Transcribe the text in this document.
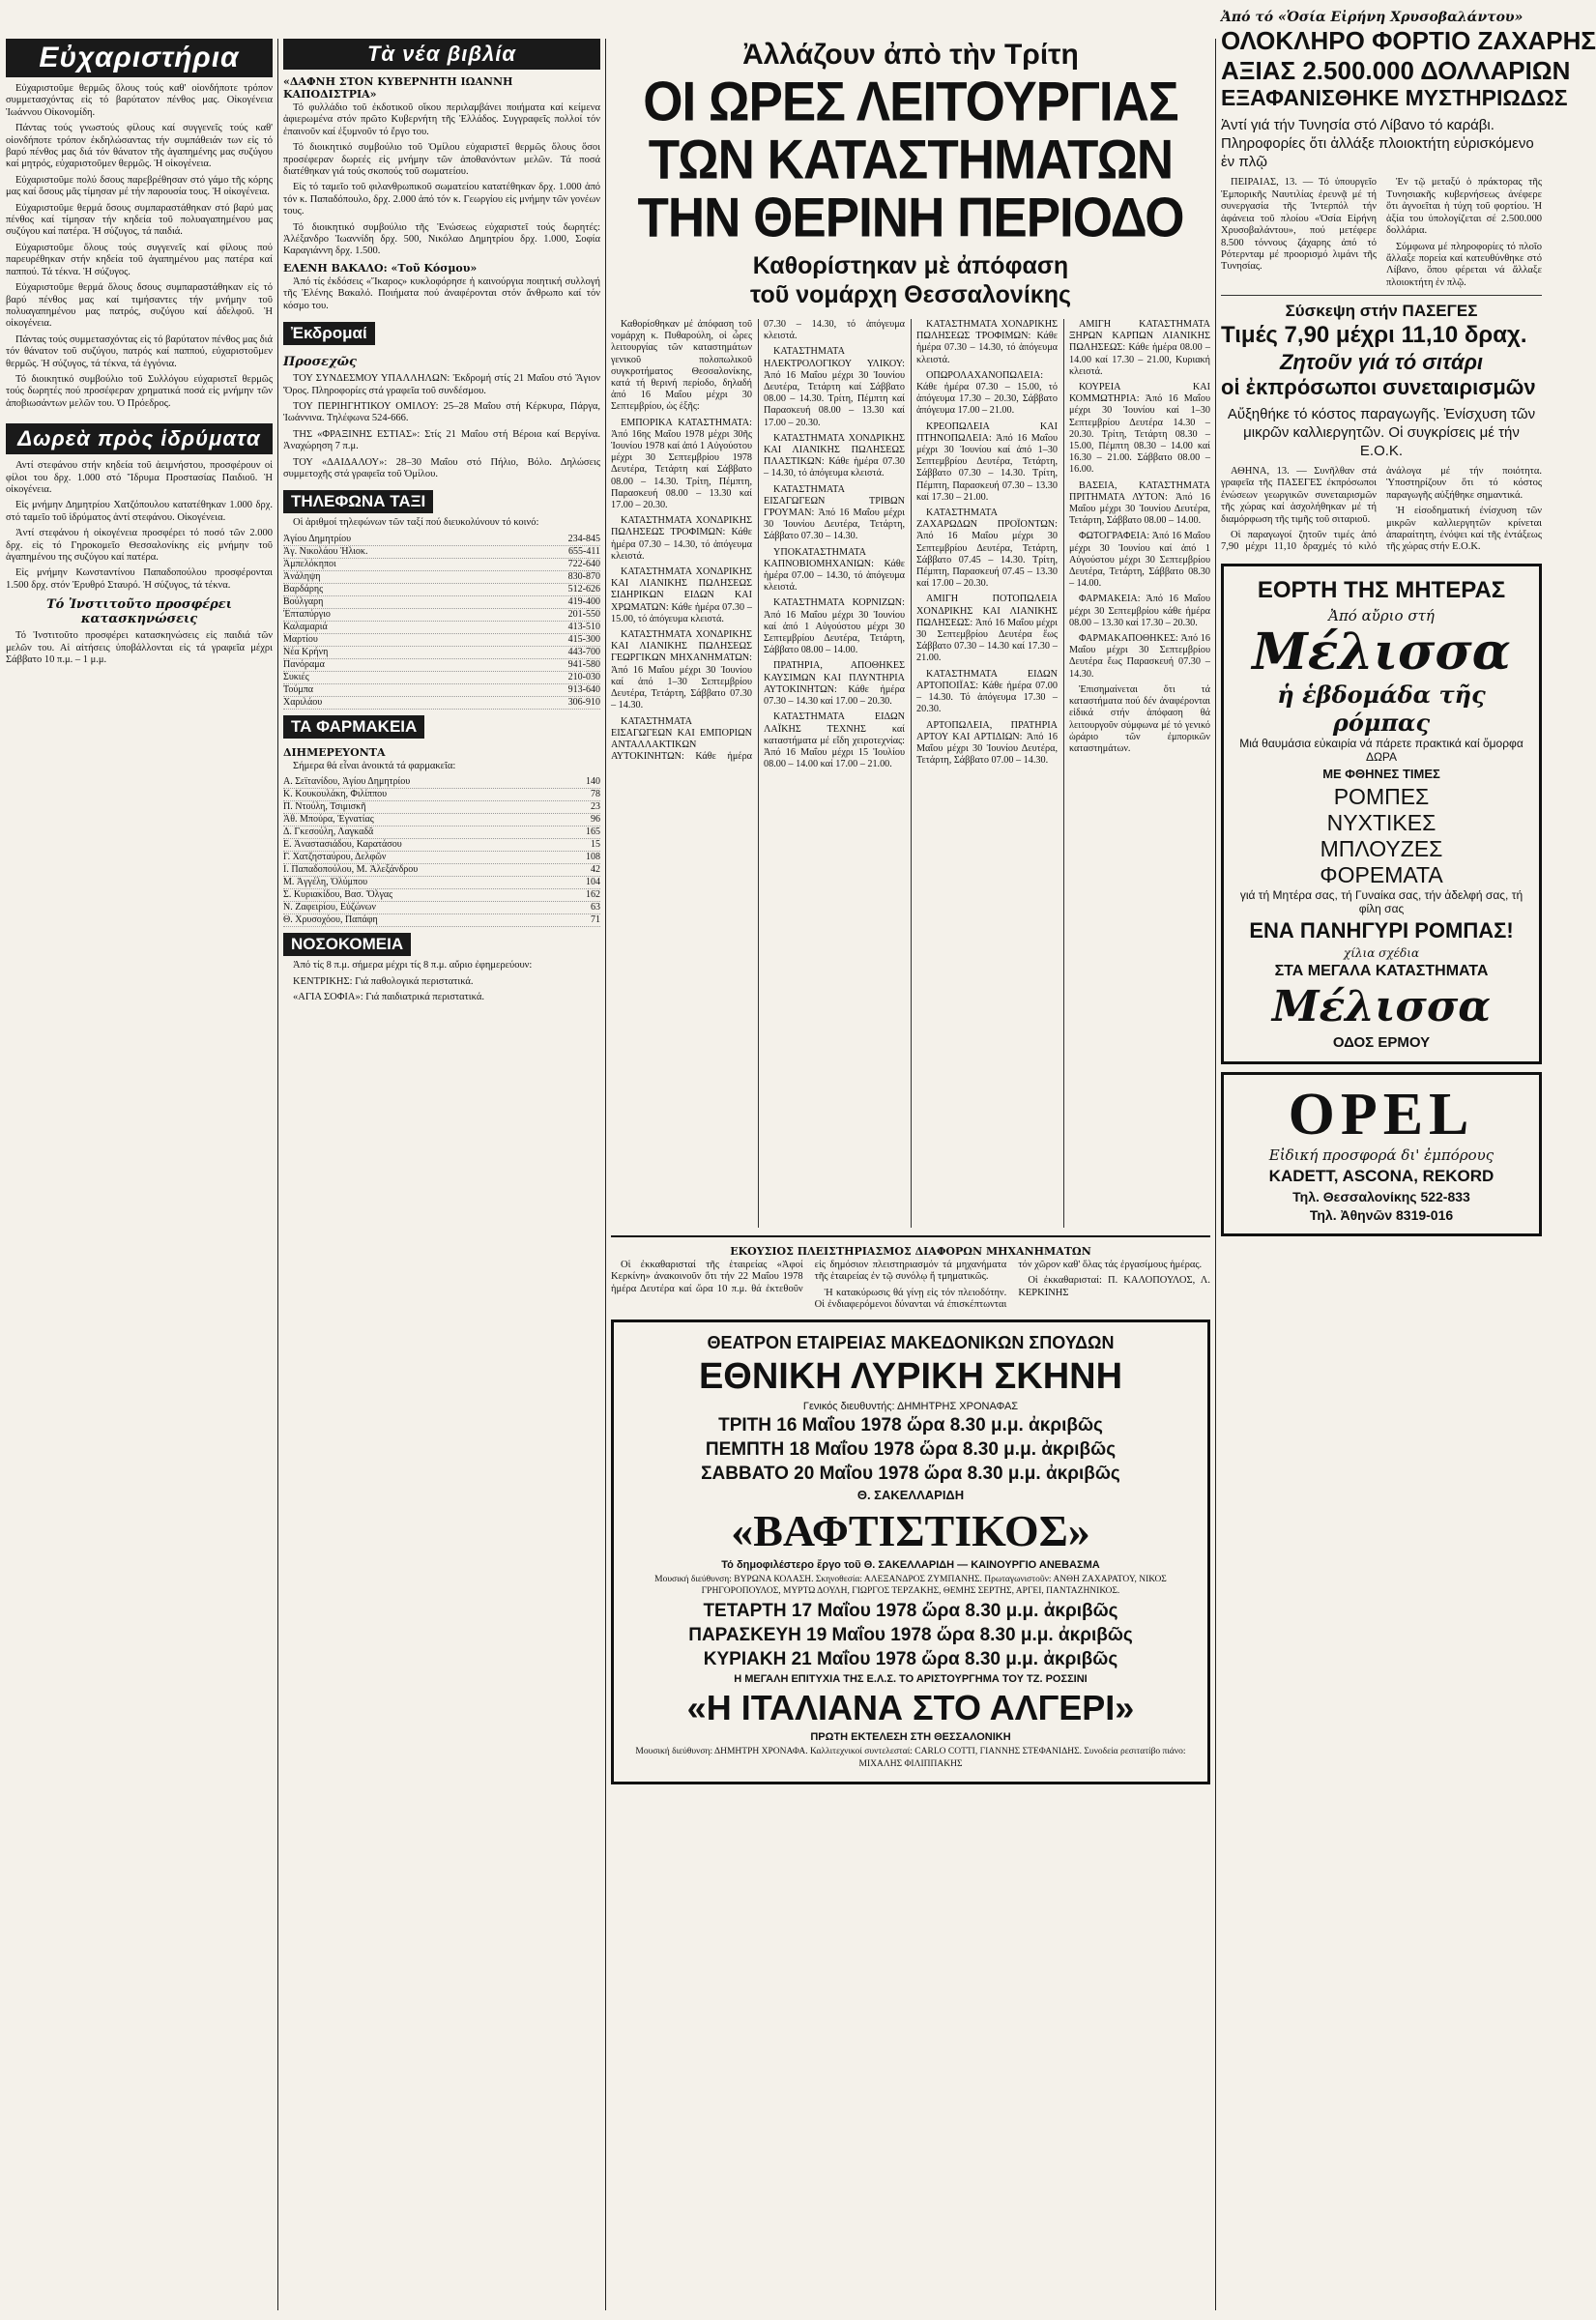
Εὐχαριστήρια

Εὐχαριστοῦμε θερμῶς ὅλους τούς καθ' οἱονδήποτε τρόπον συμμετασχόντας εἰς τό βαρύτατον πένθος μας. Οἰκογένεια Ἰωάννου Οἰκονομίδη.

Πάντας τούς γνωστούς φίλους καί συγγενεῖς τούς καθ' οἱονδήποτε τρόπον ἐκδηλώσαντας τήν συμπάθειάν των εἰς τό βαρύ πένθος μας διά τόν θάνατον τῆς ἀγαπημένης μας συζύγου καί μητρός, εὐχαριστοῦμεν θερμῶς. Ἡ οἰκογένεια.

Εὐχαριστοῦμε πολύ δσους παρεβρέθησαν στό γάμο τῆς κόρης μας καί ὅσους μᾶς τίμησαν μέ τήν παρουσία τους. Ἡ οἰκογένεια.

Εὐχαριστοῦμε θερμά ὅσους συμπαραστάθηκαν στό βαρύ μας πένθος καί τίμησαν τήν κηδεία τοῦ πολυαγαπημένου μας συζύγου καί πατέρα. Ἡ σύζυγος, τά παιδιά.

Εὐχαριστοῦμε ὅλους τούς συγγενεῖς καί φίλους πού παρευρέθηκαν στήν κηδεία τοῦ ἀγαπημένου μας πατέρα καί παππού. Τά τέκνα. Ἡ σύζυγος.

Εὐχαριστοῦμε θερμά ὅλους δσους συμπαραστάθηκαν εἰς τό βαρύ πένθος μας καί τιμήσαντες τήν μνήμην τοῦ πολυαγαπημένου μας πατρός, συζύγου καί ἀδελφοῦ. Ἡ οἰκογένεια.

Πάντας τούς συμμετασχόντας εἰς τό βαρύτατον πένθος μας διά τόν θάνατον τοῦ συζύγου, πατρός καί παππού, εὐχαριστοῦμεν θερμῶς. Ἡ σύζυγος, τά τέκνα, τά ἐγγόνια.

Τό διοικητικό συμβούλιο τοῦ Συλλόγου εὐχαριστεῖ θερμῶς τούς δωρητές πού προσέφεραν χρηματικά ποσά εἰς μνήμην τῶν ἀποβιωσάντων μελῶν του. Ὁ Πρόεδρος.

Δωρεὰ πρὸς ἱδρύματα

Αντί στεφάνου στήν κηδεία τοῦ ἀειμνήστου, προσφέρουν οἱ φίλοι του δρχ. 1.000 στό Ἵδρυμα Προστασίας Παιδιοῦ. Ἡ οἰκογένεια.

Εἰς μνήμην Δημητρίου Χατζόπουλου κατατέθηκαν 1.000 δρχ. στό ταμεῖο τοῦ ἱδρύματος ἀντί στεφάνου. Οἰκογένεια.

Ἀντί στεφάνου ἡ οἰκογένεια προσφέρει τό ποσό τῶν 2.000 δρχ. εἰς τό Γηροκομεῖο Θεσσαλονίκης εἰς μνήμην τοῦ ἀγαπημένου της συζύγου καί πατέρα.

Εἰς μνήμην Κωνσταντίνου Παπαδοπούλου προσφέρονται 1.500 δρχ. στόν Ἐρυθρό Σταυρό. Ἡ σύζυγος, τά τέκνα.

Τό Ἰνστιτοῦτο προσφέρει κατασκηνώσεις

Τό Ἰνστιτοῦτο προσφέρει κατασκηνώσεις εἰς παιδιά τῶν μελῶν του. Αἱ αἰτήσεις ὑποβάλλονται εἰς τά γραφεῖα μέχρι Σάββατο 10 π.μ. – 1 μ.μ.

Τὰ νέα βιβλία
«ΔΑΦΝΗ ΣΤΟΝ ΚΥΒΕΡΝΗΤΗ ΙΩΑΝΝΗ ΚΑΠΟΔΙΣΤΡΙΑ»

Τό φυλλάδιο τοῦ ἐκδοτικοῦ οἴκου περιλαμβάνει ποιήματα καί κείμενα ἀφιερωμένα στόν πρῶτο Κυβερνήτη τῆς Ἑλλάδος. Συγγραφεῖς πολλοί τόν ἐπαινοῦν καί ἐξυμνοῦν τό ἔργο του.

Τό διοικητικό συμβούλιο τοῦ Ὁμίλου εὐχαριστεῖ θερμῶς ὅλους ὅσοι προσέφεραν δωρεές εἰς μνήμην τῶν ἀποθανόντων μελῶν. Τά ποσά διατέθηκαν γιά τούς σκοπούς τοῦ σωματείου.

Εἰς τό ταμεῖο τοῦ φιλανθρωπικοῦ σωματείου κατατέθηκαν δρχ. 1.000 ἀπό τόν κ. Παπαδόπουλο, δρχ. 2.000 ἀπό τόν κ. Γεωργίου εἰς μνήμην τῶν γονέων τους.

Τό διοικητικό συμβούλιο τῆς Ἑνώσεως εὐχαριστεῖ τούς δωρητές: Ἀλέξανδρο Ἰωαννίδη δρχ. 500, Νικόλαο Δημητρίου δρχ. 1.000, Σοφία Καραγιάννη δρχ. 1.500.

ΕΛΕΝΗ ΒΑΚΑΛΟ: «Τοῦ Κόσμου»

Ἀπό τίς ἐκδόσεις «Ἴκαρος» κυκλοφόρησε ἡ καινούργια ποιητική συλλογή τῆς Ἑλένης Βακαλό. Ποιήματα πού ἀναφέρονται στόν ἄνθρωπο καί τόν κόσμο του.

Ἐκδρομαί
Προσεχῶς

ΤΟΥ ΣΥΝΔΕΣΜΟΥ ΥΠΑΛΛΗΛΩΝ: Ἐκδρομή στίς 21 Μαΐου στό Ἅγιον Ὄρος. Πληροφορίες στά γραφεῖα τοῦ συνδέσμου.

ΤΟΥ ΠΕΡΙΗΓΗΤΙΚΟΥ ΟΜΙΛΟΥ: 25–28 Μαΐου στή Κέρκυρα, Πάργα, Ἰωάννινα. Τηλέφωνα 524-666.

ΤΗΣ «ΦΡΑΞΙΝΗΣ ΕΣΤΙΑΣ»: Στίς 21 Μαΐου στή Βέροια καί Βεργίνα. Ἀναχώρηση 7 π.μ.

ΤΟΥ «ΔΑΙΔΑΛΟΥ»: 28–30 Μαΐου στό Πήλιο, Βόλο. Δηλώσεις συμμετοχῆς στά γραφεῖα τοῦ Ὁμίλου.

ΤΗΛΕΦΩΝΑ ΤΑΞΙ

Οἱ ἀριθμοί τηλεφώνων τῶν ταξί πού διευκολύνουν τό κοινό:

Ἀγίου Δημητρίου	234-845
Ἀγ. Νικολάου Ἡλιοκ.	655-411
Ἀμπελόκηποι	722-640
Ἀνάληψη	830-870
Βαρδάρης	512-626
Βούλγαρη	419-400
Ἐπταπύργιο	201-550
Καλαμαριά	413-510
Μαρτίου	415-300
Νέα Κρήνη	443-700
Πανόραμα	941-580
Συκιές	210-030
Τούμπα	913-640
Χαριλάου	306-910
ΤΑ ΦΑΡΜΑΚΕΙΑ
ΔΙΗΜΕΡΕΥΟΝΤΑ

Σήμερα θά εἶναι ἀνοικτά τά φαρμακεῖα:

Α. Σεϊτανίδου, Ἁγίου Δημητρίου	140
Κ. Κουκουλάκη, Φιλίππου	78
Π. Ντούλη, Τσιμισκῆ	23
Ἀθ. Μπούρα, Ἐγνατίας	96
Δ. Γκεσούλη, Λαγκαδᾶ	165
Ε. Ἀναστασιάδου, Καρατάσου	15
Γ. Χατζησταύρου, Δελφῶν	108
Ι. Παπαδοπούλου, Μ. Ἀλεξάνδρου	42
Μ. Ἀγγέλη, Ὀλύμπου	104
Σ. Κυριακίδου, Βασ. Ὄλγας	162
Ν. Ζαφειρίου, Εὐζώνων	63
Θ. Χρυσοχόου, Παπάφη	71
ΝΟΣΟΚΟΜΕΙΑ

Ἀπό τίς 8 π.μ. σήμερα μέχρι τίς 8 π.μ. αὔριο ἐφημερεύουν:

ΚΕΝΤΡΙΚΗΣ: Γιά παθολογικά περιστατικά.

«ΑΓΙΑ ΣΟΦΙΑ»: Γιά παιδιατρικά περιστατικά.

Ἀλλάζουν ἀπὸ τὴν Τρίτη
ΟΙ ΩΡΕΣ ΛΕΙΤΟΥΡΓΙΑΣ
ΤΩΝ ΚΑΤΑΣΤΗΜΑΤΩΝ
ΤΗΝ ΘΕΡΙΝΗ ΠΕΡΙΟΔΟ
Καθορίστηκαν μὲ ἀπόφαση
τοῦ νομάρχη Θεσσαλονίκης

Καθορίσθηκαν μέ ἀπόφαση τοῦ νομάρχη κ. Πυθαρούλη, οἱ ὧρες λειτουργίας τῶν καταστημάτων γενικοῦ πολοπωλικοῦ συγκροτήματος Θεσσαλονίκης, κατά τή θερινή περίοδο, δηλαδή ἀπό 16 Μαΐου μέχρι 30 Σεπτεμβρίου, ὡς ἑξῆς:

ΕΜΠΟΡΙΚΑ ΚΑΤΑΣΤΗΜΑΤΑ: Ἀπό 16ης Μαΐου 1978 μέχρι 30ῆς Ἰουνίου 1978 καί ἀπό 1 Αὐγούστου μέχρι 30 Σεπτεμβρίου 1978 Δευτέρα, Τετάρτη καί Σάββατο 08.00 – 14.30. Τρίτη, Πέμπτη, Παρασκευή 08.00 – 13.30 καί 17.00 – 20.30.

ΚΑΤΑΣΤΗΜΑΤΑ ΧΟΝΔΡΙΚΗΣ ΠΩΛΗΣΕΩΣ ΤΡΟΦΙΜΩΝ: Κάθε ἡμέρα 07.30 – 14.30, τό ἀπόγευμα κλειστά.

ΚΑΤΑΣΤΗΜΑΤΑ ΧΟΝΔΡΙΚΗΣ ΚΑΙ ΛΙΑΝΙΚΗΣ ΠΩΛΗΣΕΩΣ ΣΙΔΗΡΙΚΩΝ ΕΙΔΩΝ ΚΑΙ ΧΡΩΜΑΤΩΝ: Κάθε ἡμέρα 07.30 – 15.00, τό ἀπόγευμα κλειστά.

ΚΑΤΑΣΤΗΜΑΤΑ ΧΟΝΔΡΙΚΗΣ ΚΑΙ ΛΙΑΝΙΚΗΣ ΠΩΛΗΣΕΩΣ ΓΕΩΡΓΙΚΩΝ ΜΗΧΑΝΗΜΑΤΩΝ: Ἀπό 16 Μαΐου μέχρι 30 Ἰουνίου καί ἀπό 1–30 Σεπτεμβρίου Δευτέρα, Τετάρτη, Σάββατο 07.30 – 14.30.

ΚΑΤΑΣΤΗΜΑΤΑ ΕΙΣΑΓΩΓΕΩΝ ΚΑΙ ΕΜΠΟΡΙΩΝ ΑΝΤΑΛΛΑΚΤΙΚΩΝ ΑΥΤΟΚΙΝΗΤΩΝ: Κάθε ἡμέρα 07.30 – 14.30, τό ἀπόγευμα κλειστά.

ΚΑΤΑΣΤΗΜΑΤΑ ΗΛΕΚΤΡΟΛΟΓΙΚΟΥ ΥΛΙΚΟΥ: Ἀπό 16 Μαΐου μέχρι 30 Ἰουνίου Δευτέρα, Τετάρτη καί Σάββατο 08.00 – 14.30. Τρίτη, Πέμπτη καί Παρασκευή 08.00 – 13.30 καί 17.00 – 20.30.

ΚΑΤΑΣΤΗΜΑΤΑ ΧΟΝΔΡΙΚΗΣ ΚΑΙ ΛΙΑΝΙΚΗΣ ΠΩΛΗΣΕΩΣ ΠΛΑΣΤΙΚΩΝ: Κάθε ἡμέρα 07.30 – 14.30, τό ἀπόγευμα κλειστά.

ΚΑΤΑΣΤΗΜΑΤΑ ΕΙΣΑΓΩΓΕΩΝ ΤΡΙΒΩΝ ΓΡΟΥΜΑΝ: Ἀπό 16 Μαΐου μέχρι 30 Ἰουνίου Δευτέρα, Τετάρτη, Σάββατο 07.30 – 14.30.

ΥΠΟΚΑΤΑΣΤΗΜΑΤΑ ΚΑΠΝΟΒΙΟΜΗΧΑΝΙΩΝ: Κάθε ἡμέρα 07.00 – 14.30, τό ἀπόγευμα κλειστά.

ΚΑΤΑΣΤΗΜΑΤΑ ΚΟΡΝΙΖΩΝ: Ἀπό 16 Μαΐου μέχρι 30 Ἰουνίου καί ἀπό 1 Αὐγούστου μέχρι 30 Σεπτεμβρίου Δευτέρα, Τετάρτη, Σάββατο 08.00 – 14.00.

ΠΡΑΤΗΡΙΑ, ΑΠΟΘΗΚΕΣ ΚΑΥΣΙΜΩΝ ΚΑΙ ΠΛΥΝΤΗΡΙΑ ΑΥΤΟΚΙΝΗΤΩΝ: Κάθε ἡμέρα 07.30 – 14.30 καί 17.00 – 20.30.

ΚΑΤΑΣΤΗΜΑΤΑ ΕΙΔΩΝ ΛΑΪΚΗΣ ΤΕΧΝΗΣ καί καταστήματα μέ εἴδη χειροτεχνίας: Ἀπό 16 Μαΐου μέχρι 15 Ἰουλίου 08.00 – 14.00 καί 17.00 – 21.00.

ΚΑΤΑΣΤΗΜΑΤΑ ΧΟΝΔΡΙΚΗΣ ΠΩΛΗΣΕΩΣ ΤΡΟΦΙΜΩΝ: Κάθε ἡμέρα 07.30 – 14.30, τό ἀπόγευμα κλειστά.

ΟΠΩΡΟΛΑΧΑΝΟΠΩΛΕΙΑ: Κάθε ἡμέρα 07.30 – 15.00, τό ἀπόγευμα 17.30 – 20.30, Σάββατο ἀπόγευμα 17.00 – 21.00.

ΚΡΕΟΠΩΛΕΙΑ ΚΑΙ ΠΤΗΝΟΠΩΛΕΙΑ: Ἀπό 16 Μαΐου μέχρι 30 Ἰουνίου καί ἀπό 1–30 Σεπτεμβρίου Δευτέρα, Τετάρτη, Σάββατο 07.30 – 14.30. Τρίτη, Πέμπτη, Παρασκευή 07.30 – 13.30 καί 17.30 – 21.00.

ΚΑΤΑΣΤΗΜΑΤΑ ΖΑΧΑΡΩΔΩΝ ΠΡΟΪΟΝΤΩΝ: Ἀπό 16 Μαΐου μέχρι 30 Σεπτεμβρίου Δευτέρα, Τετάρτη, Σάββατο 07.45 – 14.30. Τρίτη, Πέμπτη, Παρασκευή 07.45 – 13.30 καί 17.00 – 20.30.

ΑΜΙΓΗ ΠΟΤΟΠΩΛΕΙΑ ΧΟΝΔΡΙΚΗΣ ΚΑΙ ΛΙΑΝΙΚΗΣ ΠΩΛΗΣΕΩΣ: Ἀπό 16 Μαΐου μέχρι 30 Σεπτεμβρίου Δευτέρα ἕως Σάββατο 07.30 – 14.30 καί 17.30 – 21.00.

ΚΑΤΑΣΤΗΜΑΤΑ ΕΙΔΩΝ ΑΡΤΟΠΟΙΪΑΣ: Κάθε ἡμέρα 07.00 – 14.30. Τό ἀπόγευμα 17.30 – 20.30.

ΑΡΤΟΠΩΛΕΙΑ, ΠΡΑΤΗΡΙΑ ΑΡΤΟΥ ΚΑΙ ΑΡΤΙΔΙΩΝ: Ἀπό 16 Μαΐου μέχρι 30 Ἰουνίου Δευτέρα, Τετάρτη, Σάββατο 07.00 – 14.30.

ΑΜΙΓΗ ΚΑΤΑΣΤΗΜΑΤΑ ΞΗΡΩΝ ΚΑΡΠΩΝ ΛΙΑΝΙΚΗΣ ΠΩΛΗΣΕΩΣ: Κάθε ἡμέρα 08.00 – 14.00 καί 17.30 – 21.00, Κυριακή κλειστά.

ΚΟΥΡΕΙΑ ΚΑΙ ΚΟΜΜΩΤΗΡΙΑ: Ἀπό 16 Μαΐου μέχρι 30 Ἰουνίου καί 1–30 Σεπτεμβρίου Δευτέρα 14.30 – 20.30. Τρίτη, Τετάρτη 08.30 – 15.00, Πέμπτη 08.30 – 14.00 καί 16.30 – 21.00. Σάββατο 08.00 – 16.00.

ΒΑΣΕΙΑ, ΚΑΤΑΣΤΗΜΑΤΑ ΠΡΙΤΗΜΑΤΑ ΛΥΤΟΝ: Ἀπό 16 Μαΐου μέχρι 30 Ἰουνίου Δευτέρα, Τετάρτη, Σάββατο 08.00 – 14.00.

ΦΩΤΟΓΡΑΦΕΙΑ: Ἀπό 16 Μαΐου μέχρι 30 Ἰουνίου καί ἀπό 1 Αὐγούστου μέχρι 30 Σεπτεμβρίου Δευτέρα, Τετάρτη, Σάββατο 08.30 – 14.00.

ΦΑΡΜΑΚΕΙΑ: Ἀπό 16 Μαΐου μέχρι 30 Σεπτεμβρίου κάθε ἡμέρα 08.00 – 13.30 καί 17.30 – 20.30.

ΦΑΡΜΑΚΑΠΟΘΗΚΕΣ: Ἀπό 16 Μαΐου μέχρι 30 Σεπτεμβρίου Δευτέρα ἕως Παρασκευή 07.30 – 14.30.

Ἐπισημαίνεται ὅτι τά καταστήματα πού δέν ἀναφέρονται εἰδικά στήν ἀπόφαση θά λειτουργοῦν σύμφωνα μέ τό γενικό ὡράριο τῶν ἐμπορικῶν καταστημάτων.

ΕΚΟΥΣΙΟΣ ΠΛΕΙΣΤΗΡΙΑΣΜΟΣ ΔΙΑΦΟΡΩΝ ΜΗΧΑΝΗΜΑΤΩΝ

Οἱ ἐκκαθαρισταί τῆς ἑταιρείας «Ἀφοί Κερκίνη» ἀνακοινοῦν ὅτι τήν 22 Μαΐου 1978 ἡμέρα Δευτέρα καί ὥρα 10 π.μ. θά ἐκτεθοῦν εἰς δημόσιον πλειστηριασμόν τά μηχανήματα τῆς ἑταιρείας ἐν τῷ συνόλῳ ἤ τμηματικῶς.

Ἡ κατακύρωσις θά γίνῃ εἰς τόν πλειοδότην. Οἱ ἐνδιαφερόμενοι δύνανται νά ἐπισκέπτωνται τόν χῶρον καθ' ὅλας τάς ἐργασίμους ἡμέρας.

Οἱ ἐκκαθαρισταί: Π. ΚΑΛΟΠΟΥΛΟΣ, Λ. ΚΕΡΚΙΝΗΣ

ΘΕΑΤΡΟΝ ΕΤΑΙΡΕΙΑΣ ΜΑΚΕΔΟΝΙΚΩΝ ΣΠΟΥΔΩΝ
ΕΘΝΙΚΗ ΛΥΡΙΚΗ ΣΚΗΝΗ
Γενικός διευθυντής: ΔΗΜΗΤΡΗΣ ΧΡΟΝΑΦΑΣ
ΤΡΙΤΗ 16 Μαΐου 1978 ὥρα 8.30 μ.μ. ἀκριβῶς
ΠΕΜΠΤΗ 18 Μαΐου 1978 ὥρα 8.30 μ.μ. ἀκριβῶς
ΣΑΒΒΑΤΟ 20 Μαΐου 1978 ὥρα 8.30 μ.μ. ἀκριβῶς
Θ. ΣΑΚΕΛΛΑΡΙΔΗ
«ΒΑΦΤΙΣΤΙΚΟΣ»
Τό δημοφιλέστερο ἔργο τοῦ Θ. ΣΑΚΕΛΛΑΡΙΔΗ — ΚΑΙΝΟΥΡΓΙΟ ΑΝΕΒΑΣΜΑ
Μουσική διεύθυνση: ΒΥΡΩΝΑ ΚΟΛΑΣΗ. Σκηνοθεσία: ΑΛΕΞΑΝΔΡΟΣ ΖΥΜΠΑΝΗΣ. Πρωταγωνιστοῦν: ΑΝΘΗ ΖΑΧΑΡΑΤΟΥ, ΝΙΚΟΣ ΓΡΗΓΟΡΟΠΟΥΛΟΣ, ΜΥΡΤΩ ΔΟΥΛΗ, ΓΙΩΡΓΟΣ ΤΕΡΖΑΚΗΣ, ΘΕΜΗΣ ΣΕΡΤΗΣ, ΑΡΓΕΙ, ΠΑΝΤΑΖΗΝΙΚΟΣ.
ΤΕΤΑΡΤΗ 17 Μαΐου 1978 ὥρα 8.30 μ.μ. ἀκριβῶς
ΠΑΡΑΣΚΕΥΗ 19 Μαΐου 1978 ὥρα 8.30 μ.μ. ἀκριβῶς
ΚΥΡΙΑΚΗ 21 Μαΐου 1978 ὥρα 8.30 μ.μ. ἀκριβῶς
Η ΜΕΓΑΛΗ ΕΠΙΤΥΧΙΑ ΤΗΣ Ε.Λ.Σ. ΤΟ ΑΡΙΣΤΟΥΡΓΗΜΑ ΤΟΥ ΤΖ. ΡΟΣΣΙΝΙ
«Η ΙΤΑΛΙΑΝΑ ΣΤΟ ΑΛΓΕΡΙ»
ΠΡΩΤΗ ΕΚΤΕΛΕΣΗ ΣΤΗ ΘΕΣΣΑΛΟΝΙΚΗ
Μουσική διεύθυνση: ΔΗΜΗΤΡΗ ΧΡΟΝΑΦΑ. Καλλιτεχνικοί συντελεσταί: CARLO COTTI, ΓΙΑΝΝΗΣ ΣΤΕΦΑΝΙΔΗΣ. Συνοδεία ρεσιτατίβο πιάνο: ΜΙΧΑΛΗΣ ΦΙΛΙΠΠΑΚΗΣ
Ἀπό τό «Ὁσία Εἰρήνη Χρυσοβαλάντου»
ΟΛΟΚΛΗΡΟ ΦΟΡΤΙΟ ΖΑΧΑΡΗΣ
ΑΞΙΑΣ 2.500.000 ΔΟΛΛΑΡΙΩΝ
ΕΞΑΦΑΝΙΣΘΗΚΕ ΜΥΣΤΗΡΙΩΔΩΣ
Ἀντί γιά τήν Τυνησία στό Λίβανο τό καράβι. Πληροφορίες ὅτι ἀλλάξε πλοιοκτήτη εὑρισκόμενο ἐν πλῷ

ΠΕΙΡΑΙΑΣ, 13. — Τό ὑπουργεῖο Ἐμπορικῆς Ναυτιλίας ἐρευνᾷ μέ τή συνεργασία τῆς Ἰντερπόλ τήν ἀφάνεια τοῦ πλοίου «Ὁσία Εἰρήνη Χρυσοβαλάντου», πού μετέφερε 8.500 τόννους ζάχαρης ἀπό τό Ρότερνταμ μέ προορισμό λιμάνι τῆς Τυνησίας.

Ἐν τῷ μεταξύ ὁ πράκτορας τῆς Τυνησιακῆς κυβερνήσεως ἀνέφερε ὅτι ἀγνοεῖται ἡ τύχη τοῦ φορτίου. Ἡ ἀξία του ὑπολογίζεται σέ 2.500.000 δολλάρια.

Σύμφωνα μέ πληροφορίες τό πλοῖο ἄλλαξε πορεία καί κατευθύνθηκε στό Λίβανο, ὅπου φέρεται νά ἄλλαξε πλοιοκτήτη ἐν πλῷ.

Σύσκεψη στήν ΠΑΣΕΓΕΣ
Τιμές 7,90 μέχρι 11,10 δραχ.
Ζητοῦν γιά τό σιτάρι
οἱ ἐκπρόσωποι συνεταιρισμῶν
Αὔξηθήκε τό κόστος παραγωγῆς. Ἐνίσχυση τῶν μικρῶν καλλιεργητῶν. Οἱ συγκρίσεις μέ τήν Ε.Ο.Κ.

ΑΘΗΝΑ, 13. — Συνῆλθαν στά γραφεῖα τῆς ΠΑΣΕΓΕΣ ἐκπρόσωποι ἑνώσεων γεωργικῶν συνεταιρισμῶν τῆς χώρας καί ἀσχολήθηκαν μέ τή διαμόρφωση τῆς τιμῆς τοῦ σιταριοῦ.

Οἱ παραγωγοί ζητοῦν τιμές ἀπό 7,90 μέχρι 11,10 δραχμές τό κιλό ἀνάλογα μέ τήν ποιότητα. Ὑποστηρίζουν ὅτι τό κόστος παραγωγῆς αὐξήθηκε σημαντικά.

Ἡ εἰσοδηματική ἐνίσχυση τῶν μικρῶν καλλιεργητῶν κρίνεται ἀπαραίτητη, ἐνόψει καί τῆς ἐντάξεως τῆς χώρας στήν Ε.Ο.Κ.

ΕΟΡΤΗ ΤΗΣ ΜΗΤΕΡΑΣ
Ἀπό αὔριο στή
Μέλισσα
ἡ ἑβδομάδα τῆς ρόμπας
Μιά θαυμάσια εὐκαιρία νά πάρετε πρακτικά καί ὄμορφα ΔΩΡΑ
ΜΕ ΦΘΗΝΕΣ ΤΙΜΕΣ
ΡΟΜΠΕΣ
ΝΥΧΤΙΚΕΣ
ΜΠΛΟΥΖΕΣ
ΦΟΡΕΜΑΤΑ
γιά τή Μητέρα σας, τή Γυναίκα σας, τήν ἀδελφή σας, τή φίλη σας
ΕΝΑ ΠΑΝΗΓΥΡΙ ΡΟΜΠΑΣ!
χίλια σχέδια
ΣΤΑ ΜΕΓΑΛΑ ΚΑΤΑΣΤΗΜΑΤΑ
Μέλισσα
ΟΔΟΣ ΕΡΜΟΥ
OPEL
Εἰδική προσφορά δι' ἐμπόρους
KADETT, ASCONA, REKORD
Τηλ. Θεσσαλονίκης 522-833
Τηλ. Ἀθηνῶν 8319-016
